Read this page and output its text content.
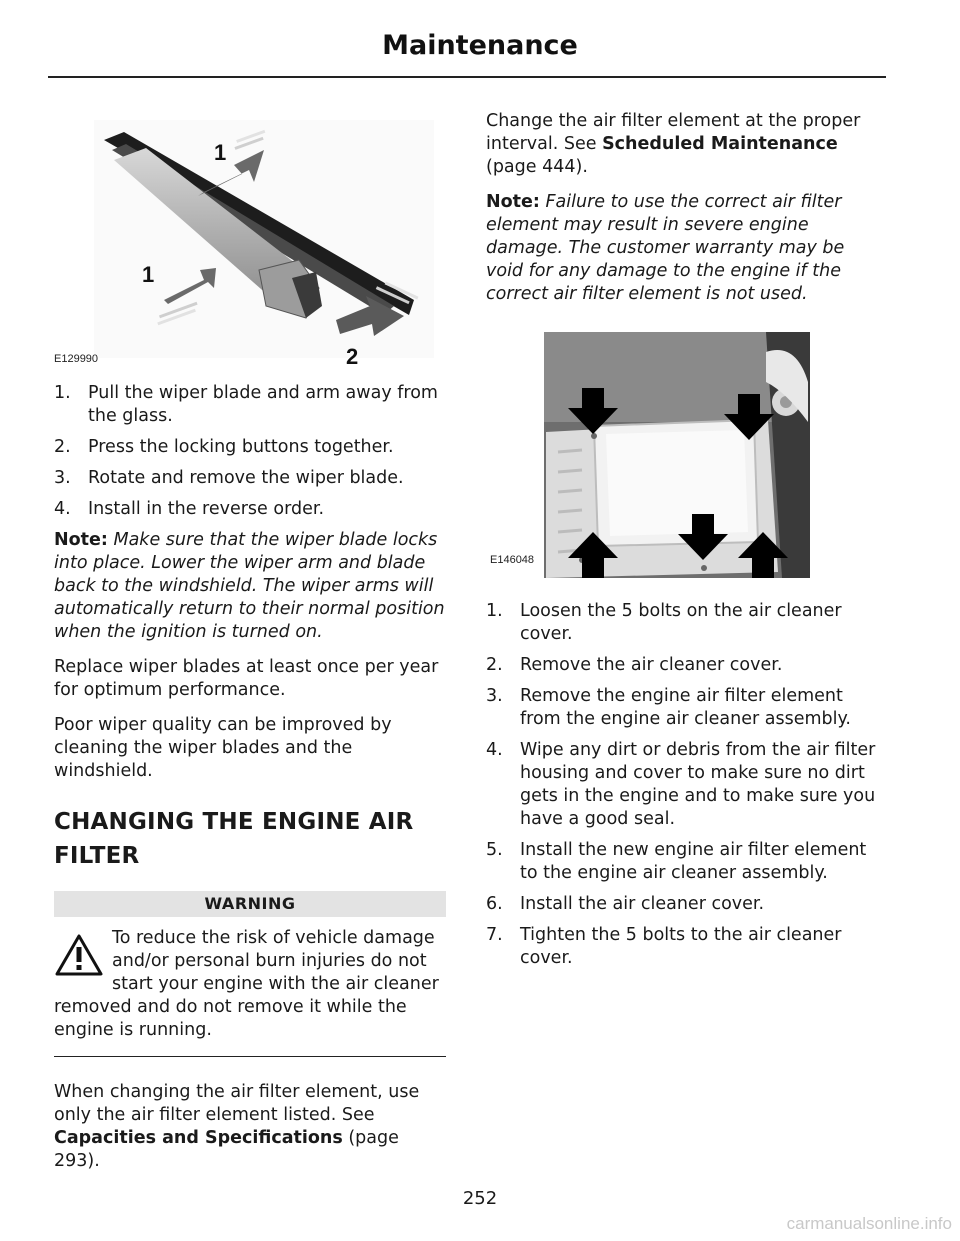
Maintenance
1
1
2
E129990
1. Pull the wiper blade and arm away from the glass.
2. Press the locking buttons together.
3. Rotate and remove the wiper blade.
4. Install in the reverse order.

Note: Make sure that the wiper blade locks into place. Lower the wiper arm and blade back to the windshield. The wiper arms will automatically return to their normal position when the ignition is turned on.

Replace wiper blades at least once per year for optimum performance.

Poor wiper quality can be improved by cleaning the wiper blades and the windshield.

CHANGING THE ENGINE AIR FILTER
WARNING
To reduce the risk of vehicle damage and/or personal burn injuries do not start your engine with the air cleaner
removed and do not remove it while the engine is running.

When changing the air filter element, use only the air filter element listed. See Capacities and Specifications (page 293).

Change the air filter element at the proper interval. See Scheduled Maintenance (page 444).

Note: Failure to use the correct air filter element may result in severe engine damage. The customer warranty may be void for any damage to the engine if the correct air filter element is not used.

E146048
1. Loosen the 5 bolts on the air cleaner cover.
2. Remove the air cleaner cover.
3. Remove the engine air filter element from the engine air cleaner assembly.
4. Wipe any dirt or debris from the air filter housing and cover to make sure no dirt gets in the engine and to make sure you have a good seal.
5. Install the new engine air filter element to the engine air cleaner assembly.
6. Install the air cleaner cover.
7. Tighten the 5 bolts to the air cleaner cover.
252
carmanualsonline.info
